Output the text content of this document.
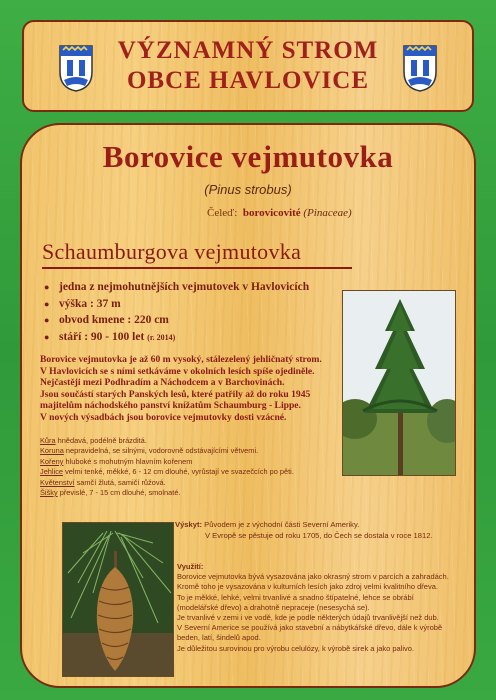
VÝZNAMNÝ STROM
OBCE HAVLOVICE
Borovice vejmutovka
(Pinus strobus)
Čeleď: borovicovité (Pinaceae)
Schaumburgova vejmutovka
● jedna z nejmohutnějších vejmutovek v Havlovicích
● výška : 37 m
● obvod kmene : 220 cm
● stáří : 90 - 100 let (r. 2014)
Borovice vejmutovka je až 60 m vysoký, stálezelený jehličnatý strom.
V Havlovicích se s ními setkáváme v okolních lesích spíše ojediněle.
Nejčastěji mezi Podhradím a Náchodcem a v Barchovinách.
Jsou součástí starých Panských lesů, které patřily až do roku 1945
majitelům náchodského panství knížatům Schaumburg - Lippe.
V nových výsadbách jsou borovice vejmutovky dosti vzácné.
Kůra hnědavá, podélně brázditá.
Koruna nepravidelná, se silnými, vodorovně odstávajícími větvemi.
Kořeny hluboké s mohutným hlavním kořenem
Jehlice velmi tenké, měkké, 6 - 12 cm dlouhé, vyrůstají ve svazečcích po pěti.
Květenství samčí žlutá, samičí růžová.
Šišky převislé, 7 - 15 cm dlouhé, smolnaté.
Výskyt: Původem je z východní části Severní Ameriky.
V Evropě se pěstuje od roku 1705, do Čech se dostala v roce 1812.
Využití:
Borovice vejmutovka bývá vysazována jako okrasný strom v parcích a zahradách.
Kromě toho je vysazována v kulturních lesích jako zdroj velmi kvalitního dřeva.
To je měkké, lehké, velmi trvanlivé a snadno štípatelné, lehce se obrábí
(modelářské dřevo) a drahotně nepraceje (nesesychá se).
Je trvanlivé v zemi i ve vodě, kde je podle některých údajů trvanlivější než dub.
V Severní Americe se používá jako stavební a nábytkářské dřevo, dále k výrobě
beden, latí, šindelů apod.
Je důležitou surovinou pro výrobu celulózy, k výrobě sirek a jako palivo.
